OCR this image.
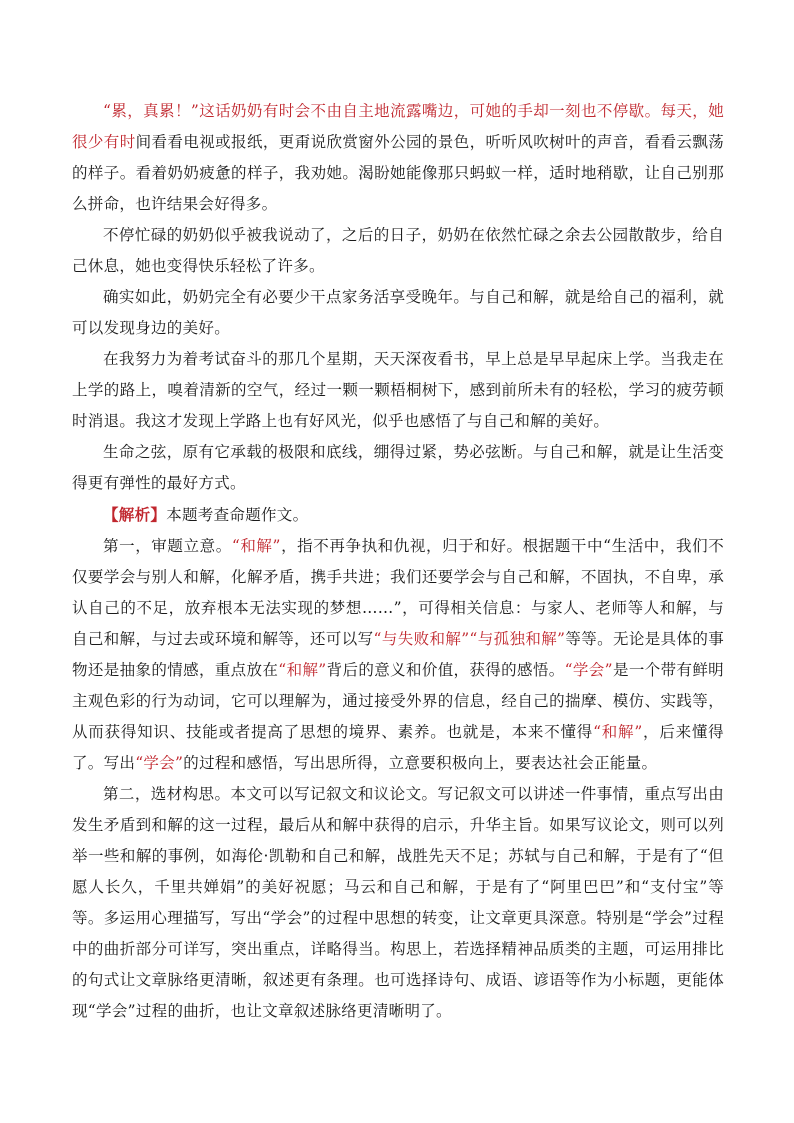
“累，真累！”这话奶奶有时会不由自主地流露嘴边，可她的手却一刻也不停歇。每天，她很少有时间看看电视或报纸，更甭说欣赏窗外公园的景色，听听风吹树叶的声音，看看云飘荡的样子。看着奶奶疲惫的样子，我劝她。渴盼她能像那只蚂蚁一样，适时地稍歇，让自己别那么拼命，也许结果会好得多。

不停忙碌的奶奶似乎被我说动了，之后的日子，奶奶在依然忙碌之余去公园散散步，给自己休息，她也变得快乐轻松了许多。

确实如此，奶奶完全有必要少干点家务活享受晚年。与自己和解，就是给自己的福利，就可以发现身边的美好。

在我努力为着考试奋斗的那几个星期，天天深夜看书，早上总是早早起床上学。当我走在上学的路上，嗅着清新的空气，经过一颗一颗梧桐树下，感到前所未有的轻松，学习的疲劳顿时消退。我这才发现上学路上也有好风光，似乎也感悟了与自己和解的美好。

生命之弦，原有它承载的极限和底线，绷得过紧，势必弦断。与自己和解，就是让生活变得更有弹性的最好方式。

【解析】本题考查命题作文。

第一，审题立意。“和解”，指不再争执和仇视，归于和好。根据题干中“生活中，我们不仅要学会与别人和解，化解矛盾，携手共进；我们还要学会与自己和解，不固执，不自卑，承认自己的不足，放弃根本无法实现的梦想……”，可得相关信息：与家人、老师等人和解，与自己和解，与过去或环境和解等，还可以写“与失败和解”“与孤独和解”等等。无论是具体的事物还是抽象的情感，重点放在“和解”背后的意义和价值，获得的感悟。“学会”是一个带有鲜明主观色彩的行为动词，它可以理解为，通过接受外界的信息，经自己的揣摩、模仿、实践等，从而获得知识、技能或者提高了思想的境界、素养。也就是，本来不懂得“和解”，后来懂得了。写出“学会”的过程和感悟，写出思所得，立意要积极向上，要表达社会正能量。

第二，选材构思。本文可以写记叙文和议论文。写记叙文可以讲述一件事情，重点写出由发生矛盾到和解的这一过程，最后从和解中获得的启示，升华主旨。如果写议论文，则可以列举一些和解的事例，如海伦·凯勒和自己和解，战胜先天不足；苏轼与自己和解，于是有了“但愿人长久，千里共婵娟”的美好祝愿；马云和自己和解，于是有了“阿里巴巴”和“支付宝”等等。多运用心理描写，写出“学会”的过程中思想的转变，让文章更具深意。特别是“学会”过程中的曲折部分可详写，突出重点，详略得当。构思上，若选择精神品质类的主题，可运用排比的句式让文章脉络更清晰，叙述更有条理。也可选择诗句、成语、谚语等作为小标题，更能体现“学会”过程的曲折，也让文章叙述脉络更清晰明了。
